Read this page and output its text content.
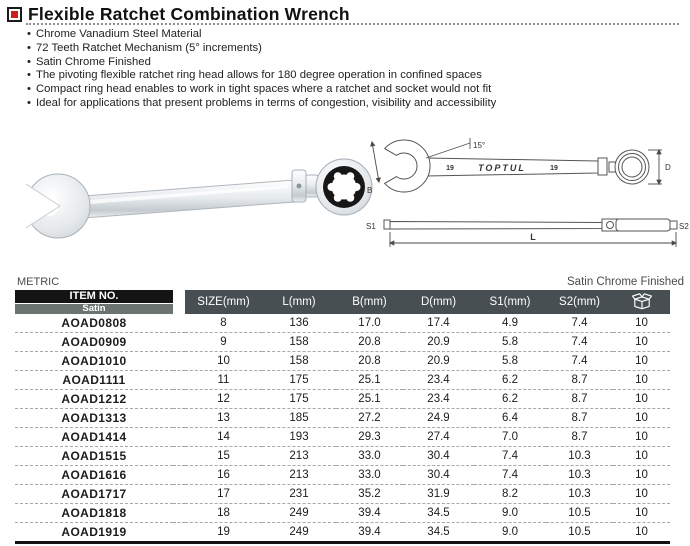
Flexible Ratchet Combination Wrench
• Chrome Vanadium Steel Material
• 72 Teeth Ratchet Mechanism (5° increments)
• Satin Chrome Finished
• The pivoting flexible ratchet ring head allows for 180 degree operation in confined spaces
• Compact ring head enables to work in tight spaces where a ratchet and socket would not fit
• Ideal for applications that present problems in terms of congestion, visibility and accessibility
15°
19	TOPTUL	19
B
D
S1	S2
L
METRIC	Satin Chrome Finished
ITEM NO.
Satin		SIZE(mm)	L(mm)	B(mm)	D(mm)	S1(mm)	S2(mm)	
AOAD0808		8	136	17.0	17.4	4.9	7.4	10
AOAD0909		9	158	20.8	20.9	5.8	7.4	10
AOAD1010		10	158	20.8	20.9	5.8	7.4	10
AOAD1111		11	175	25.1	23.4	6.2	8.7	10
AOAD1212		12	175	25.1	23.4	6.2	8.7	10
AOAD1313		13	185	27.2	24.9	6.4	8.7	10
AOAD1414		14	193	29.3	27.4	7.0	8.7	10
AOAD1515		15	213	33.0	30.4	7.4	10.3	10
AOAD1616		16	213	33.0	30.4	7.4	10.3	10
AOAD1717		17	231	35.2	31.9	8.2	10.3	10
AOAD1818		18	249	39.4	34.5	9.0	10.5	10
AOAD1919		19	249	39.4	34.5	9.0	10.5	10
